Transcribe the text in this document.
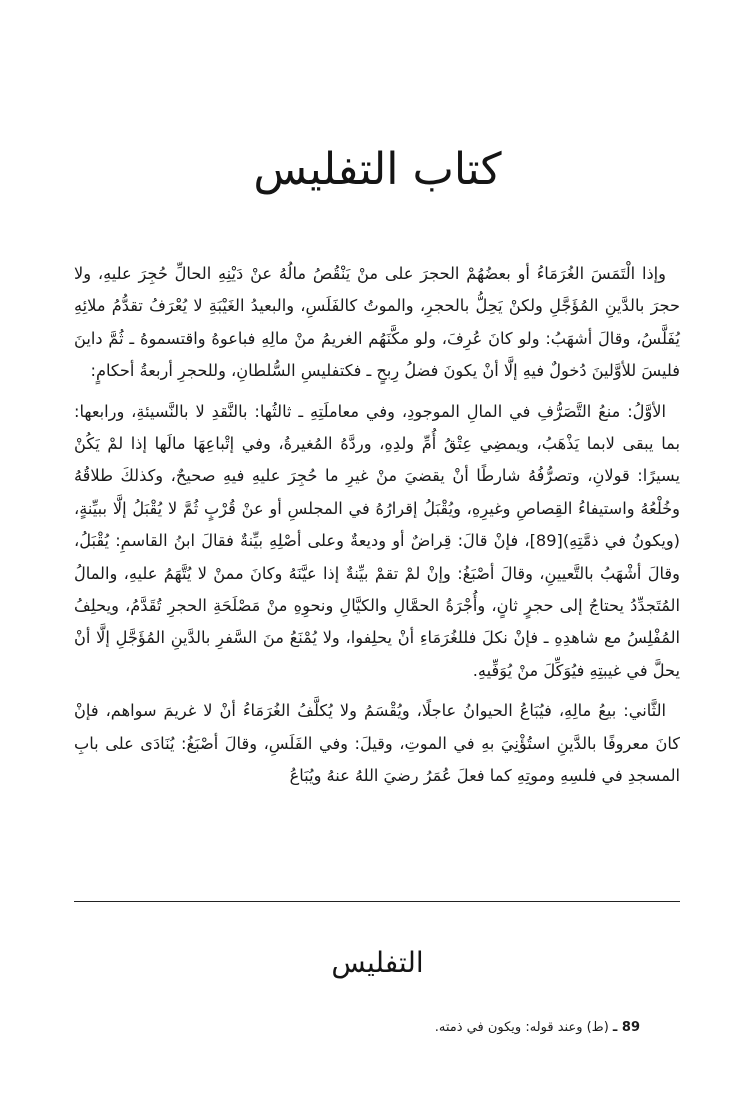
كتاب التفليس

وإذا الْتَمَسَ الغُرَمَاءُ أو بعضُهُمْ الحجرَ على منْ يَنْقُصُ مالُهُ عنْ دَيْنِهِ الحالِّ حُجِرَ عليهِ، ولا حجرَ بالدَّينِ المُؤَجَّلِ ولكنْ يَحِلُّ بالحجرِ، والموتُ كالفَلَسِ، والبعيدُ الغَيْبَةِ لا يُعْرَفُ تقدُّمُ ملائِهِ يُفَلَّسُ، وقالَ أشهَبُ: ولو كانَ عُرِفَ، ولو مكَّنَهُم الغريمُ منْ مالِهِ فباعوهُ واقتسموهُ ـ ثُمَّ داينَ فليسَ للأوَّلينَ دُخولٌ فيهِ إلَّا أنْ يكونَ فضلُ رِبحٍ ـ فكتفليسِ السُّلطانِ، وللحجرِ أربعةُ أحكامٍ:

الأوَّلُ: منعُ التَّصَرُّفِ في المالِ الموجودِ، وفي معاملَتِهِ ـ ثالثُها: بالنَّقدِ لا بالنَّسيئةِ، ورابعها: بما يبقى لابما يَذْهَبُ، ويمضِي عِتْقُ أُمِّ ولدِهِ، وردَّهُ المُغيرةُ، وفي إتْباعِهَا مالَها إذا لمْ يَكُنْ يسيرًا: قولانِ، وتصرُّفُهُ شارطًا أنْ يقضيَ منْ غيرِ ما حُجِرَ عليهِ فيهِ صحيحٌ، وكذلكَ طلاقُهُ وخُلْعُهُ واستيفاءُ القِصاصِ وغيرِهِ، ويُقْبَلُ إقرارُهُ في المجلسِ أو عنْ قُرْبٍ ثُمَّ لا يُقْبَلُ إلَّا ببيِّنةٍ، (ويكونُ في ذمَّتِهِ)[89]، فإنْ قالَ: قِراضٌ أو وديعةٌ وعلى أصْلِهِ بيِّنةٌ فقالَ ابنُ القاسمِ: يُقْبَلُ، وقالَ أشْهَبُ بالتَّعيينِ، وقالَ أصْبَغُ: وإنْ لمْ تقمْ بيِّنةٌ إذا عيَّنَهُ وكانَ ممنْ لا يُتَّهَمُ عليهِ، والمالُ المُتَجدِّدُ يحتاجُ إلى حجرٍ ثانٍ، وأُجْرَةُ الحمَّالِ والكيَّالِ ونحوِهِ منْ مَصْلَحَةِ الحجرِ تُقَدَّمُ، ويحلِفُ المُفْلِسُ مع شاهدِهِ ـ فإنْ نكلَ فللغُرَمَاءِ أنْ يحلِفوا، ولا يُمْنَعُ منَ السَّفرِ بالدَّينِ المُؤَجَّلِ إلَّا أنْ يحلَّ في غيبتِهِ فيُوَكِّلَ منْ يُوَفِّيهِ.

الثَّاني: بيعُ مالِهِ، فيُبَاعُ الحيوانُ عاجلًا، ويُقْسَمُ ولا يُكلَّفُ الغُرَمَاءُ أنْ لا غريمَ سواهم، فإنْ كانَ معروفًا بالدَّينِ استُؤْنِيَ بهِ في الموتِ، وقيلَ: وفي الفَلَسِ، وقالَ أصْبَغُ: يُنَادَى على بابِ المسجدِ في فلسِهِ وموتِهِ كما فعلَ عُمَرُ رضيَ اللهُ عنهُ ويُبَاعُ

التفليس
89 ـ (ط) وعند قوله: ويكون في ذمته.
